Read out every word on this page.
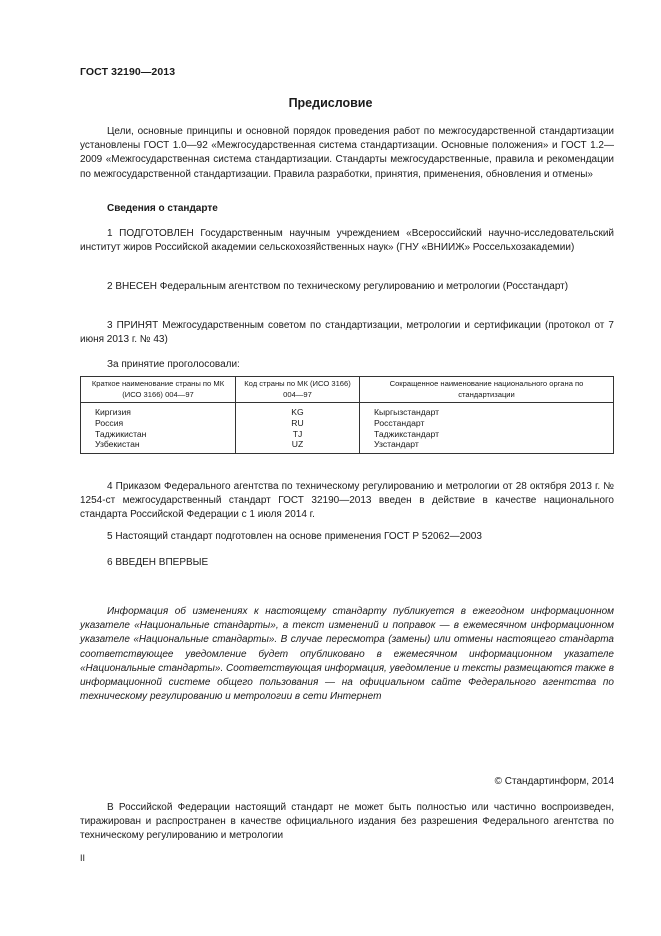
ГОСТ 32190—2013
Предисловие

Цели, основные принципы и основной порядок проведения работ по межгосударственной стандартизации установлены ГОСТ 1.0—92 «Межгосударственная система стандартизации. Основные положения» и ГОСТ 1.2—2009 «Межгосударственная система стандартизации. Стандарты межгосударственные, правила и рекомендации по межгосударственной стандартизации. Правила разработки, принятия, применения, обновления и отмены»

Сведения о стандарте

1 ПОДГОТОВЛЕН Государственным научным учреждением «Всероссийский научно-исследовательский институт жиров Российской академии сельскохозяйственных наук» (ГНУ «ВНИИЖ» Россельхозакадемии)

2 ВНЕСЕН Федеральным агентством по техническому регулированию и метрологии (Росстандарт)

3 ПРИНЯТ Межгосударственным советом по стандартизации, метрологии и сертификации (протокол от 7 июня 2013 г. № 43)

За принятие проголосовали:
Краткое наименование страны по МК (ИСО 3166) 004—97	Код страны по МК (ИСО 3166) 004—97	Сокращенное наименование национального органа по стандартизации
Киргизия	KG	Кыргызстандарт
Россия	RU	Росстандарт
Таджикистан	TJ	Таджикстандарт
Узбекистан	UZ	Узстандарт

4 Приказом Федерального агентства по техническому регулированию и метрологии от 28 октября 2013 г. № 1254-ст межгосударственный стандарт ГОСТ 32190—2013 введен в действие в качестве национального стандарта Российской Федерации с 1 июля 2014 г.

5 Настоящий стандарт подготовлен на основе применения ГОСТ Р 52062—2003

6 ВВЕДЕН ВПЕРВЫЕ

Информация об изменениях к настоящему стандарту публикуется в ежегодном информационном указателе «Национальные стандарты», а текст изменений и поправок — в ежемесячном информационном указателе «Национальные стандарты». В случае пересмотра (замены) или отмены настоящего стандарта соответствующее уведомление будет опубликовано в ежемесячном информационном указателе «Национальные стандарты». Соответствующая информация, уведомление и тексты размещаются также в информационной системе общего пользования — на официальном сайте Федерального агентства по техническому регулированию и метрологии в сети Интернет

© Стандартинформ, 2014

В Российской Федерации настоящий стандарт не может быть полностью или частично воспроизведен, тиражирован и распространен в качестве официального издания без разрешения Федерального агентства по техническому регулированию и метрологии

II
